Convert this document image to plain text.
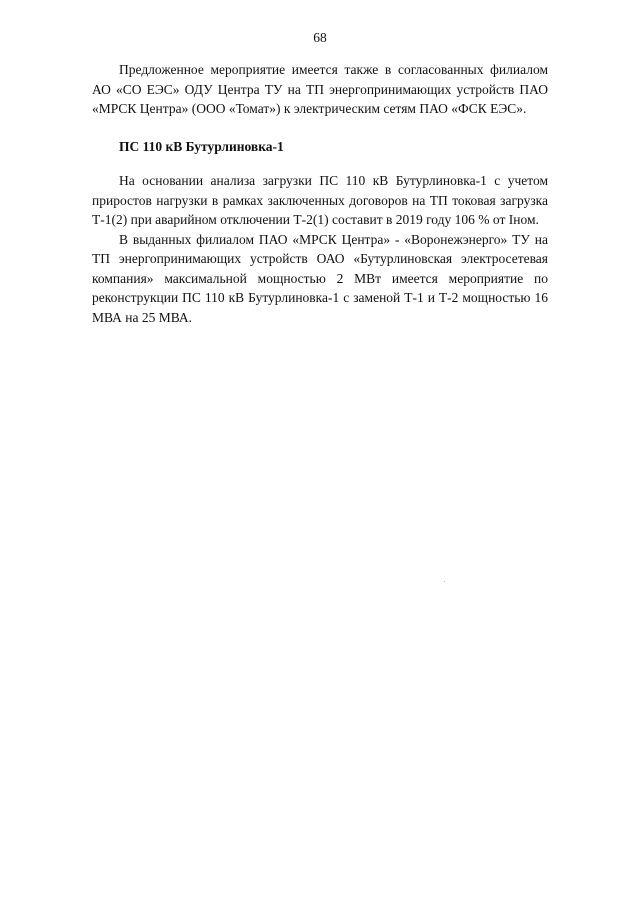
68

Предложенное мероприятие имеется также в согласованных филиалом АО «СО ЕЭС» ОДУ Центра ТУ на ТП энергопринимающих устройств ПАО «МРСК Центра» (ООО «Томат») к электрическим сетям ПАО «ФСК ЕЭС».

ПС 110 кВ Бутурлиновка-1

На основании анализа загрузки ПС 110 кВ Бутурлиновка-1 с учетом приростов нагрузки в рамках заключенных договоров на ТП токовая загрузка Т-1(2) при аварийном отключении Т-2(1) составит в 2019 году 106 % от Iном.

В выданных филиалом ПАО «МРСК Центра» - «Воронежэнерго» ТУ на ТП энергопринимающих устройств ОАО «Бутурлиновская электросетевая компания» максимальной мощностью 2 МВт имеется мероприятие по реконструкции ПС 110 кВ Бутурлиновка-1 с заменой Т-1 и Т-2 мощностью 16 МВА на 25 МВА.
